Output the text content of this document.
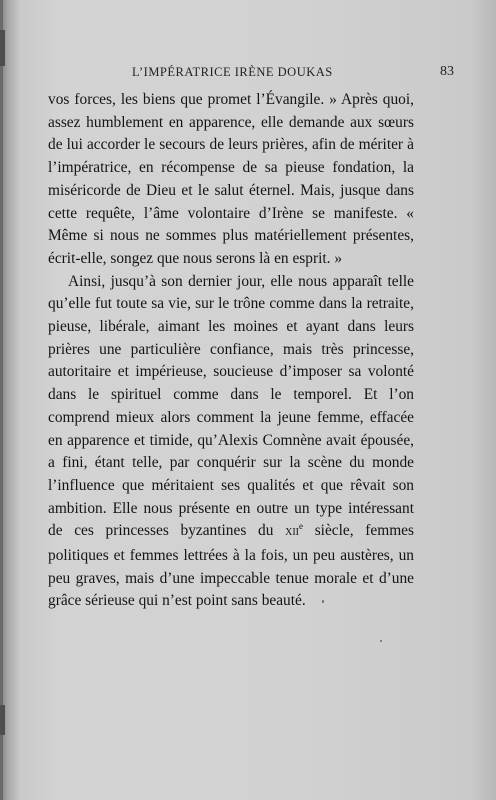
L’IMPÉRATRICE IRÈNE DOUKAS	83

vos forces, les biens que promet l’Évangile. » Après quoi, assez humblement en apparence, elle demande aux sœurs de lui accorder le secours de leurs prières, afin de mériter à l’impératrice, en récompense de sa pieuse fondation, la miséricorde de Dieu et le salut éternel. Mais, jusque dans cette requête, l’âme volontaire d’Irène se manifeste. « Même si nous ne sommes plus matériellement présentes, écrit-elle, songez que nous serons là en esprit. »

Ainsi, jusqu’à son dernier jour, elle nous apparaît telle qu’elle fut toute sa vie, sur le trône comme dans la retraite, pieuse, libérale, aimant les moines et ayant dans leurs prières une particulière confiance, mais très princesse, autoritaire et impérieuse, soucieuse d’imposer sa volonté dans le spirituel comme dans le temporel. Et l’on comprend mieux alors comment la jeune femme, effacée en apparence et timide, qu’Alexis Comnène avait épousée, a fini, étant telle, par conquérir sur la scène du monde l’influence que méritaient ses qualités et que rêvait son ambition. Elle nous présente en outre un type intéressant de ces princesses byzantines du XIIe siècle, femmes politiques et femmes lettrées à la fois, un peu austères, un peu graves, mais d’une impeccable tenue morale et d’une grâce sérieuse qui n’est point sans beauté.
